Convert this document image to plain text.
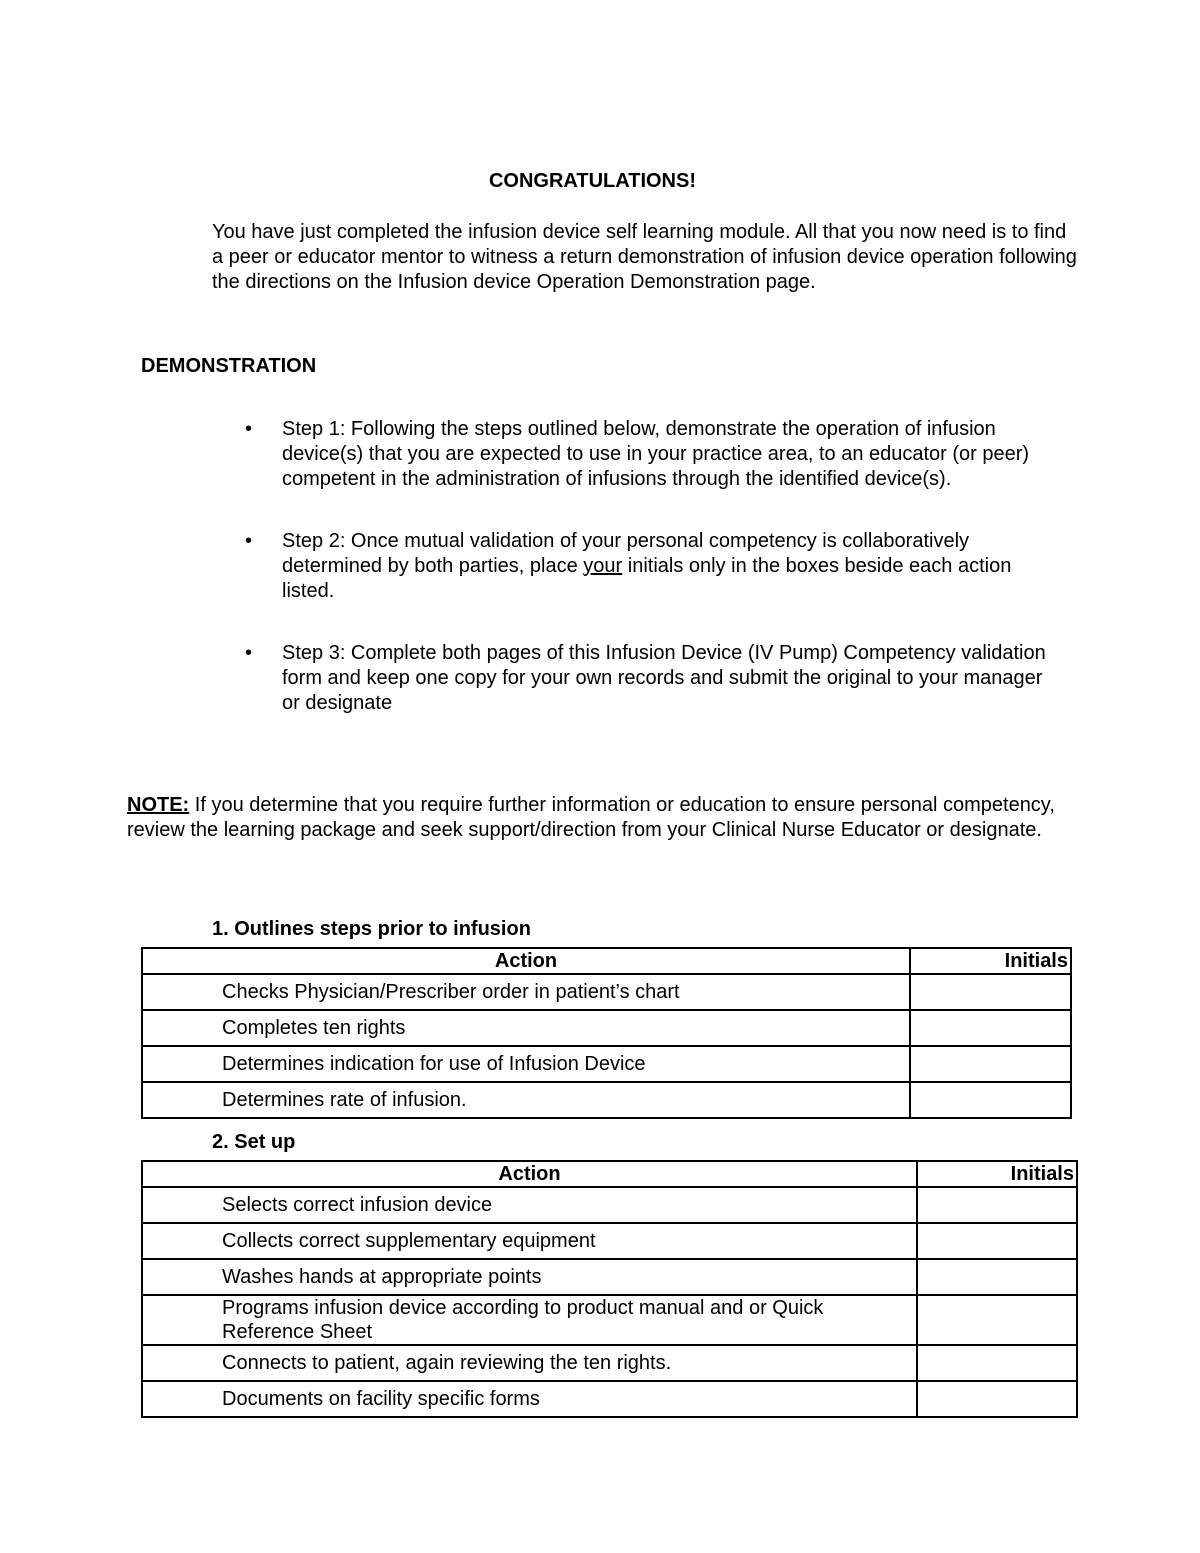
CONGRATULATIONS!

You have just completed the infusion device self learning module. All that you now need is to find a peer or educator mentor to witness a return demonstration of infusion device operation following the directions on the Infusion device Operation Demonstration page.

DEMONSTRATION
• Step 1: Following the steps outlined below, demonstrate the operation of infusion device(s) that you are expected to use in your practice area, to an educator (or peer) competent in the administration of infusions through the identified device(s).
• Step 2: Once mutual validation of your personal competency is collaboratively determined by both parties, place your initials only in the boxes beside each action listed.
• Step 3: Complete both pages of this Infusion Device (IV Pump) Competency validation form and keep one copy for your own records and submit the original to your manager or designate

NOTE: If you determine that you require further information or education to ensure personal competency, review the learning package and seek support/direction from your Clinical Nurse Educator or designate.

1. Outlines steps prior to infusion
Action	Initials
Checks Physician/Prescriber order in patient’s chart	
Completes ten rights	
Determines indication for use of Infusion Device	
Determines rate of infusion.	
2. Set up
Action	Initials
Selects correct infusion device	
Collects correct supplementary equipment	
Washes hands at appropriate points	
Programs infusion device according to product manual and or Quick Reference Sheet	
Connects to patient, again reviewing the ten rights.	
Documents on facility specific forms	
